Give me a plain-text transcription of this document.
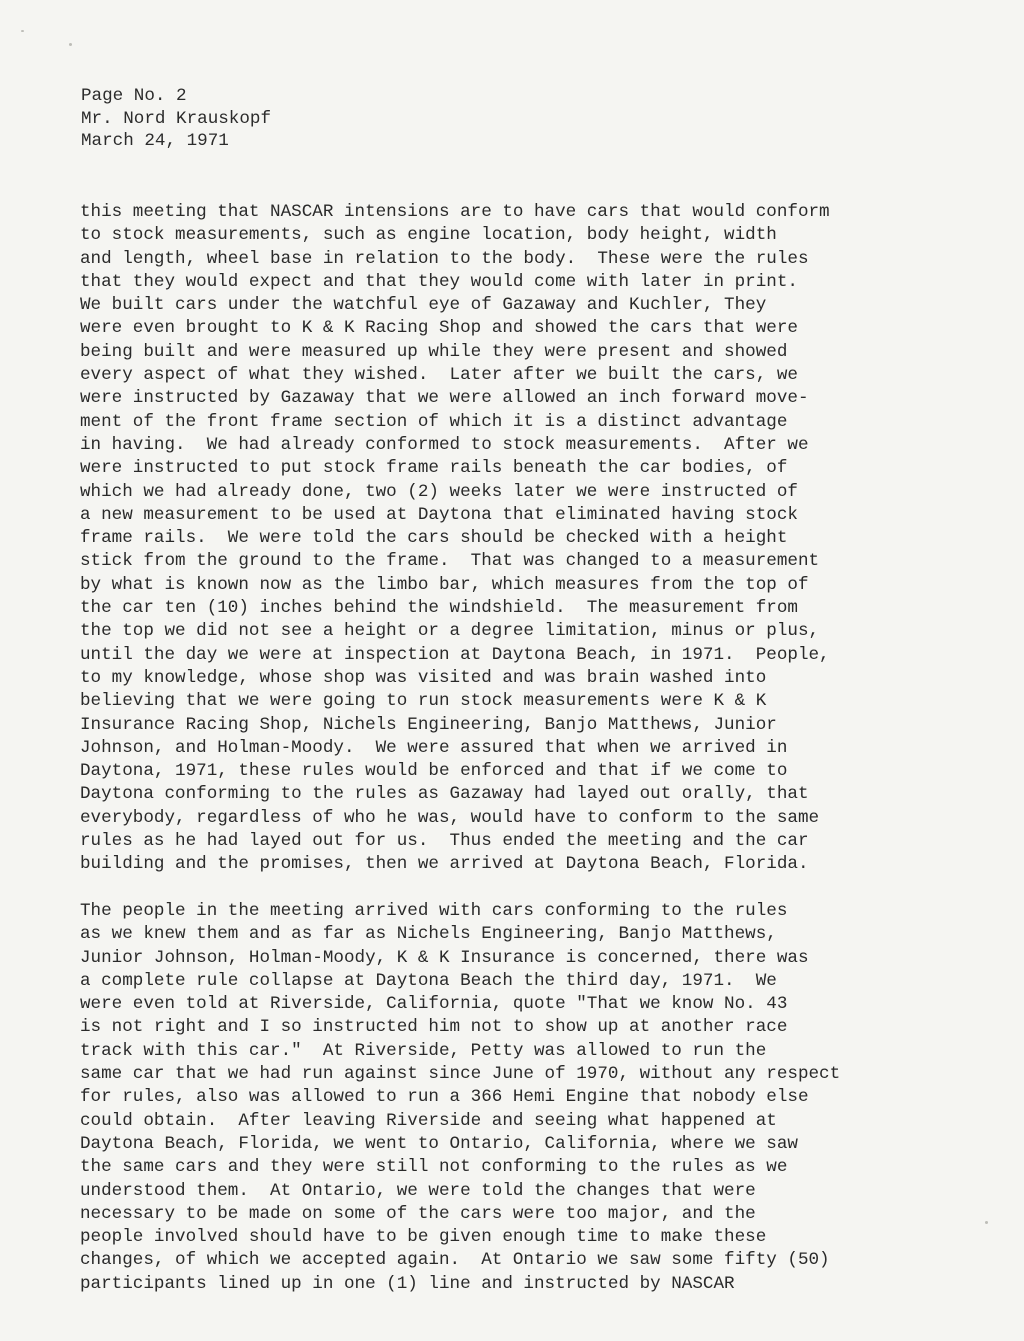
Page No. 2
Mr. Nord Krauskopf
March 24, 1971
this meeting that NASCAR intensions are to have cars that would conform
to stock measurements, such as engine location, body height, width
and length, wheel base in relation to the body.  These were the rules
that they would expect and that they would come with later in print.
We built cars under the watchful eye of Gazaway and Kuchler, They
were even brought to K & K Racing Shop and showed the cars that were
being built and were measured up while they were present and showed
every aspect of what they wished.  Later after we built the cars, we
were instructed by Gazaway that we were allowed an inch forward move-
ment of the front frame section of which it is a distinct advantage
in having.  We had already conformed to stock measurements.  After we
were instructed to put stock frame rails beneath the car bodies, of
which we had already done, two (2) weeks later we were instructed of
a new measurement to be used at Daytona that eliminated having stock
frame rails.  We were told the cars should be checked with a height
stick from the ground to the frame.  That was changed to a measurement
by what is known now as the limbo bar, which measures from the top of
the car ten (10) inches behind the windshield.  The measurement from
the top we did not see a height or a degree limitation, minus or plus,
until the day we were at inspection at Daytona Beach, in 1971.  People,
to my knowledge, whose shop was visited and was brain washed into
believing that we were going to run stock measurements were K & K
Insurance Racing Shop, Nichels Engineering, Banjo Matthews, Junior
Johnson, and Holman-Moody.  We were assured that when we arrived in
Daytona, 1971, these rules would be enforced and that if we come to
Daytona conforming to the rules as Gazaway had layed out orally, that
everybody, regardless of who he was, would have to conform to the same
rules as he had layed out for us.  Thus ended the meeting and the car
building and the promises, then we arrived at Daytona Beach, Florida.
The people in the meeting arrived with cars conforming to the rules
as we knew them and as far as Nichels Engineering, Banjo Matthews,
Junior Johnson, Holman-Moody, K & K Insurance is concerned, there was
a complete rule collapse at Daytona Beach the third day, 1971.  We
were even told at Riverside, California, quote "That we know No. 43
is not right and I so instructed him not to show up at another race
track with this car."  At Riverside, Petty was allowed to run the
same car that we had run against since June of 1970, without any respect
for rules, also was allowed to run a 366 Hemi Engine that nobody else
could obtain.  After leaving Riverside and seeing what happened at
Daytona Beach, Florida, we went to Ontario, California, where we saw
the same cars and they were still not conforming to the rules as we
understood them.  At Ontario, we were told the changes that were
necessary to be made on some of the cars were too major, and the
people involved should have to be given enough time to make these
changes, of which we accepted again.  At Ontario we saw some fifty (50)
participants lined up in one (1) line and instructed by NASCAR
